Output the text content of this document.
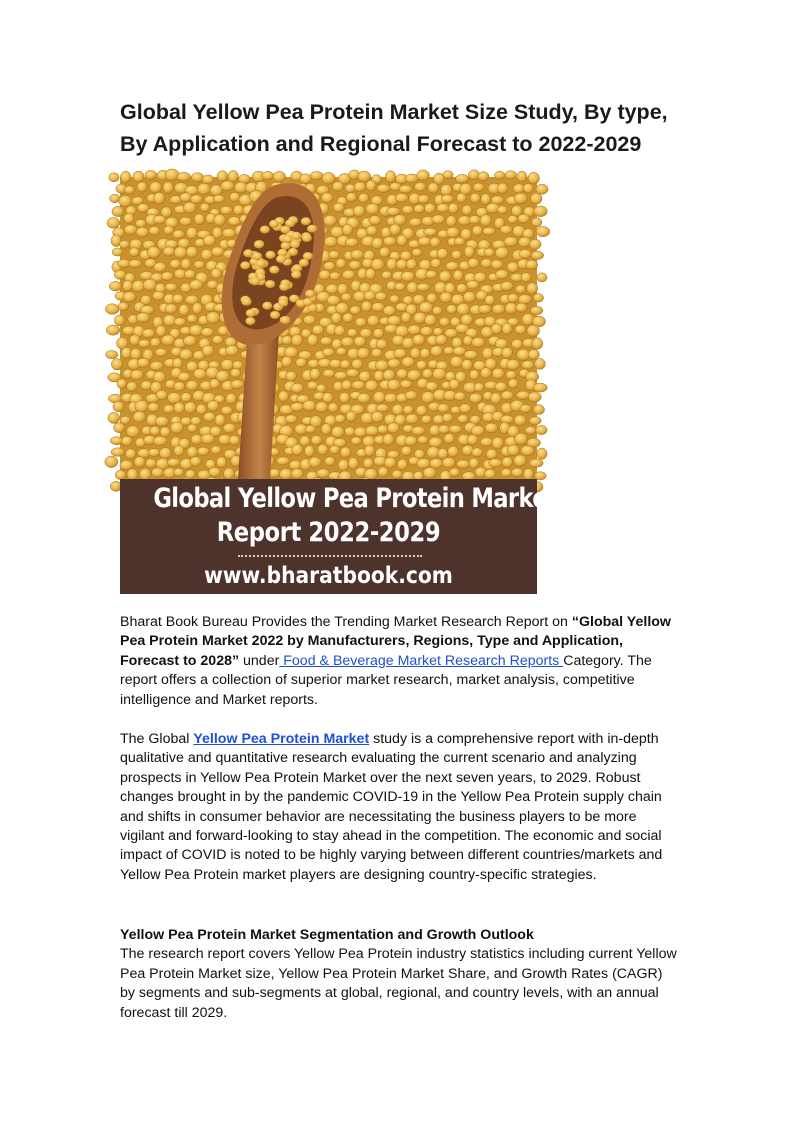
Global Yellow Pea Protein Market Size Study, By type, By Application and Regional Forecast to 2022-2029
Global Yellow Pea Protein Market Research
Report 2022-2029
www.bharatbook.com

Bharat Book Bureau Provides the Trending Market Research Report on “Global Yellow Pea Protein Market 2022 by Manufacturers, Regions, Type and Application, Forecast to 2028” under Food & Beverage Market Research Reports Category. The report offers a collection of superior market research, market analysis, competitive intelligence and Market reports.

The Global Yellow Pea Protein Market study is a comprehensive report with in-depth qualitative and quantitative research evaluating the current scenario and analyzing prospects in Yellow Pea Protein Market over the next seven years, to 2029. Robust changes brought in by the pandemic COVID-19 in the Yellow Pea Protein supply chain and shifts in consumer behavior are necessitating the business players to be more vigilant and forward-looking to stay ahead in the competition. The economic and social impact of COVID is noted to be highly varying between different countries/markets and Yellow Pea Protein market players are designing country-specific strategies.

Yellow Pea Protein Market Segmentation and Growth Outlook
The research report covers Yellow Pea Protein industry statistics including current Yellow Pea Protein Market size, Yellow Pea Protein Market Share, and Growth Rates (CAGR) by segments and sub-segments at global, regional, and country levels, with an annual forecast till 2029.
